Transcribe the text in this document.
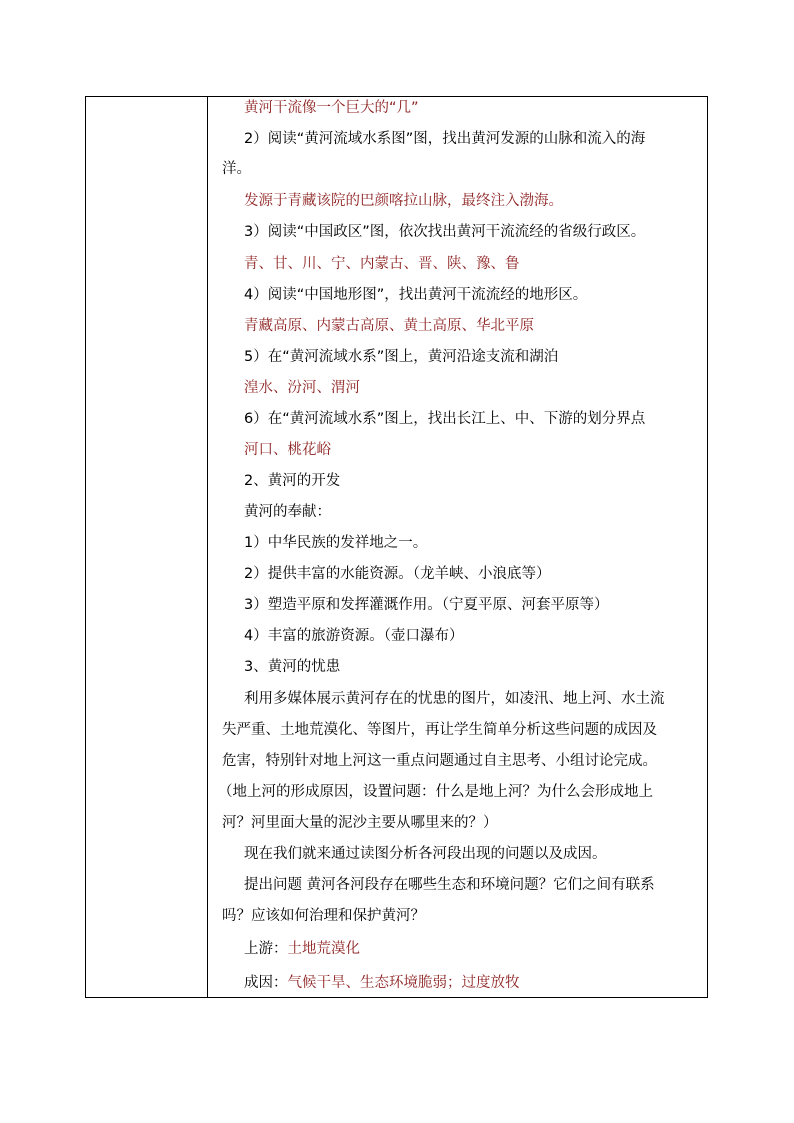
黄河干流像一个巨大的“几”
2）阅读“黄河流域水系图”图，找出黄河发源的山脉和流入的海
洋。
发源于青藏该院的巴颜喀拉山脉，最终注入渤海。
3）阅读“中国政区”图，依次找出黄河干流流经的省级行政区。
青、甘、川、宁、内蒙古、晋、陕、豫、鲁
4）阅读“中国地形图”，找出黄河干流流经的地形区。
青藏高原、内蒙古高原、黄土高原、华北平原
5）在“黄河流域水系”图上，黄河沿途支流和湖泊
湟水、汾河、渭河
6）在“黄河流域水系”图上，找出长江上、中、下游的划分界点
河口、桃花峪
2、黄河的开发
黄河的奉献：
1）中华民族的发祥地之一。
2）提供丰富的水能资源。（龙羊峡、小浪底等）
3）塑造平原和发挥灌溉作用。（宁夏平原、河套平原等）
4）丰富的旅游资源。（壶口瀑布）
3、黄河的忧患
利用多媒体展示黄河存在的忧患的图片，如凌汛、地上河、水土流
失严重、土地荒漠化、等图片，再让学生简单分析这些问题的成因及
危害，特别针对地上河这一重点问题通过自主思考、小组讨论完成。
（地上河的形成原因，设置问题：什么是地上河？为什么会形成地上
河？河里面大量的泥沙主要从哪里来的？）
现在我们就来通过读图分析各河段出现的问题以及成因。
提出问题 黄河各河段存在哪些生态和环境问题？它们之间有联系
吗？应该如何治理和保护黄河？
上游：土地荒漠化
成因：气候干旱、生态环境脆弱；过度放牧
